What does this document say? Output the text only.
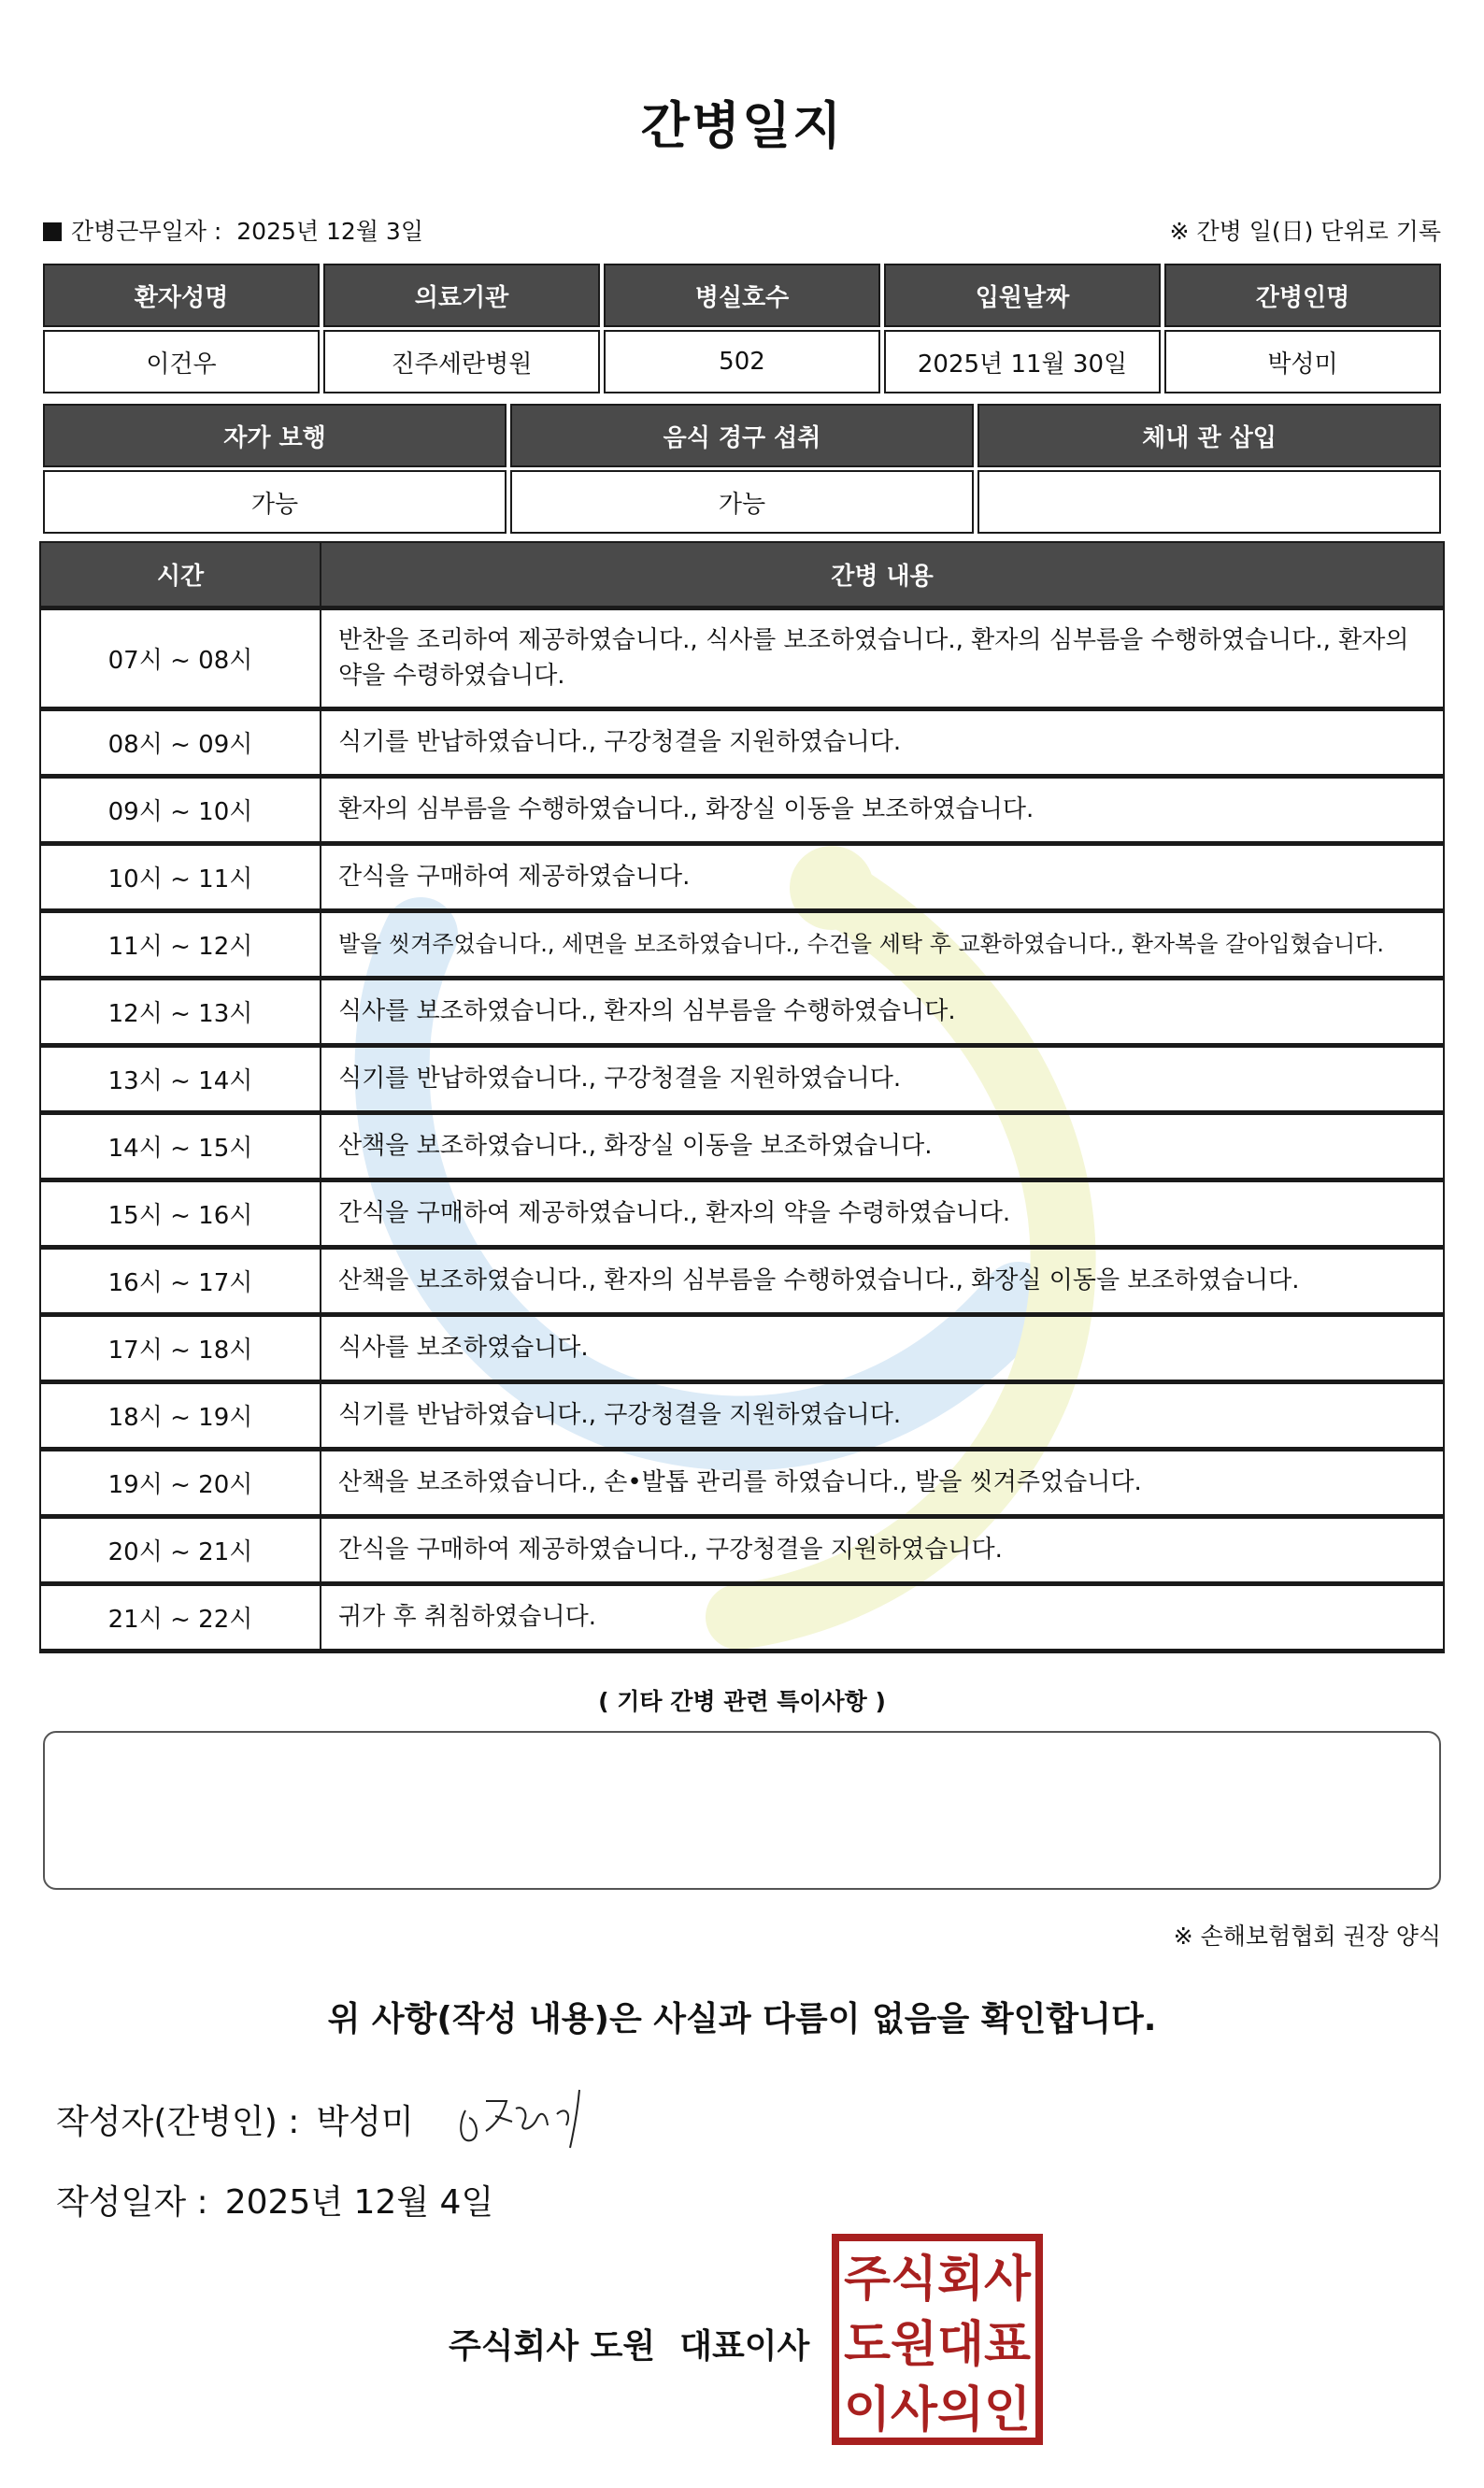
간병일지
간병근무일자 : 2025년 12월 3일	※ 간병 일(日) 단위로 기록
환자성명	의료기관	병실호수	입원날짜	간병인명
이건우	진주세란병원	502	2025년 11월 30일	박성미
자가 보행	음식 경구 섭취	체내 관 삽입
가능	가능	
시간	간병 내용
07시 ~ 08시	반찬을 조리하여 제공하였습니다., 식사를 보조하였습니다., 환자의 심부름을 수행하였습니다., 환자의 약을 수령하였습니다.
08시 ~ 09시	식기를 반납하였습니다., 구강청결을 지원하였습니다.
09시 ~ 10시	환자의 심부름을 수행하였습니다., 화장실 이동을 보조하였습니다.
10시 ~ 11시	간식을 구매하여 제공하였습니다.
11시 ~ 12시	발을 씻겨주었습니다., 세면을 보조하였습니다., 수건을 세탁 후 교환하였습니다., 환자복을 갈아입혔습니다.
12시 ~ 13시	식사를 보조하였습니다., 환자의 심부름을 수행하였습니다.
13시 ~ 14시	식기를 반납하였습니다., 구강청결을 지원하였습니다.
14시 ~ 15시	산책을 보조하였습니다., 화장실 이동을 보조하였습니다.
15시 ~ 16시	간식을 구매하여 제공하였습니다., 환자의 약을 수령하였습니다.
16시 ~ 17시	산책을 보조하였습니다., 환자의 심부름을 수행하였습니다., 화장실 이동을 보조하였습니다.
17시 ~ 18시	식사를 보조하였습니다.
18시 ~ 19시	식기를 반납하였습니다., 구강청결을 지원하였습니다.
19시 ~ 20시	산책을 보조하였습니다., 손•발톱 관리를 하였습니다., 발을 씻겨주었습니다.
20시 ~ 21시	간식을 구매하여 제공하였습니다., 구강청결을 지원하였습니다.
21시 ~ 22시	귀가 후 취침하였습니다.
( 기타 간병 관련 특이사항 )
※ 손해보험협회 권장 양식
위 사항(작성 내용)은 사실과 다름이 없음을 확인합니다.
작성자(간병인) : 박성미
작성일자 : 2025년 12월 4일
주식회사 도원 대표이사
주식회사
도원대표
이사의인
